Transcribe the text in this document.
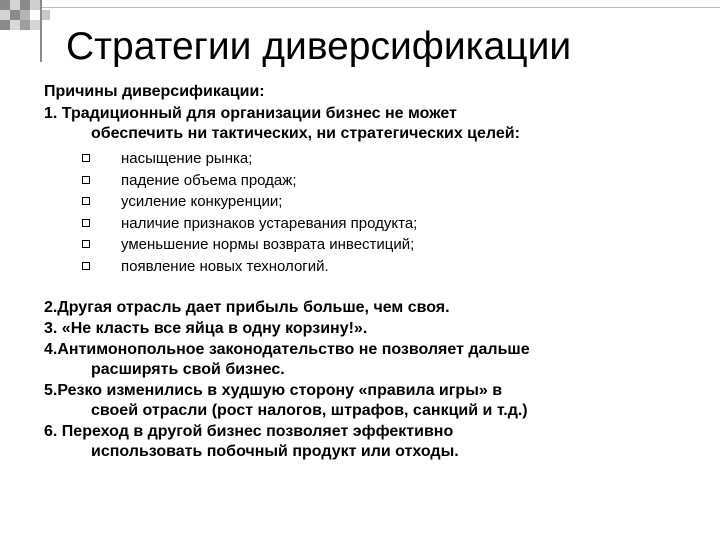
Стратегии диверсификации
Причины диверсификации:
1. Традиционный для организации бизнес не может
обеспечить ни тактических, ни стратегических целей:
насыщение рынка;
падение объема продаж;
усиление конкуренции;
наличие признаков устаревания продукта;
уменьшение нормы возврата инвестиций;
появление новых технологий.
2.Другая отрасль дает прибыль больше, чем своя.
3. «Не класть все яйца в одну корзину!».
4.Антимонопольное законодательство не позволяет дальше
расширять свой бизнес.
5.Резко изменились в худшую сторону «правила игры» в
своей отрасли (рост налогов, штрафов, санкций и т.д.)
6. Переход в другой бизнес позволяет эффективно
использовать побочный продукт или отходы.
